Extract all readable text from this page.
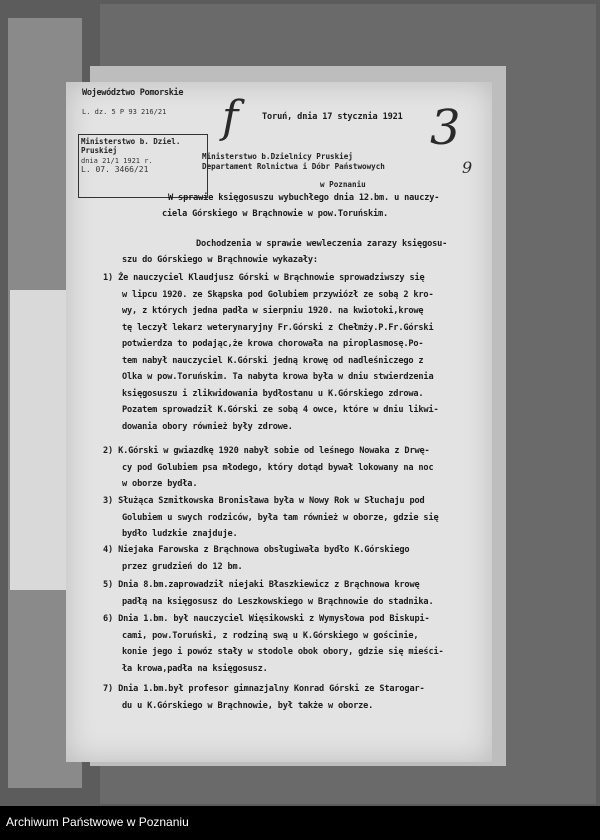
Województwo Pomorskie
L. dz. 5 P 93 216/21
Ministerstwo b. Dziel. Pruskiej
dnia 21/1 1921 r.
L. 07. 3466/21
f	3
9
Toruń, dnia 17 stycznia 1921
Ministerstwo b.Dzielnicy Pruskiej
Departament Rolnictwa i Dóbr Państwowych
w Poznaniu
W sprawie księgosuszu wybuchłego dnia 12.bm. u nauczy-
ciela Górskiego w Brąchnowie w pow.Toruńskim.
Dochodzenia w sprawie wewleczenia zarazy księgosu-
szu do Górskiego w Brąchnowie wykazały:
1) Że nauczyciel Klaudjusz Górski w Brąchnowie sprowadziwszy się
w lipcu 1920. ze Skąpska pod Golubiem przywiózł ze sobą 2 kro-
wy, z których jedna padła w sierpniu 1920. na kwiotoki,krowę
tę leczył lekarz weterynaryjny Fr.Górski z Chełmży.P.Fr.Górski
potwierdza to podając,że krowa chorowała na piroplasmosę.Po-
tem nabył nauczyciel K.Górski jedną krowę od nadleśniczego z
Olka w pow.Toruńskim. Ta nabyta krowa była w dniu stwierdzenia
księgosuszu i zlikwidowania bydłostanu u K.Górskiego zdrowa.
Pozatem sprowadził K.Górski ze sobą 4 owce, które w dniu likwi-
dowania obory również były zdrowe.
2) K.Górski w gwiazdkę 1920 nabył sobie od leśnego Nowaka z Drwę-
cy pod Golubiem psa młodego, który dotąd bywał lokowany na noc
w oborze bydła.
3) Służąca Szmitkowska Bronisława była w Nowy Rok w Słuchaju pod
Golubiem u swych rodziców, była tam również w oborze, gdzie się
bydło ludzkie znajduje.
4) Niejaka Farowska z Brąchnowa obsługiwała bydło K.Górskiego
przez grudzień do 12 bm.
5) Dnia 8.bm.zaprowadził niejaki Błaszkiewicz z Brąchnowa krowę
padłą na księgosusz do Leszkowskiego w Brąchnowie do stadnika.
6) Dnia 1.bm. był nauczyciel Więsikowski z Wymysłowa pod Biskupi-
cami, pow.Toruński, z rodziną swą u K.Górskiego w gościnie,
konie jego i powóz stały w stodole obok obory, gdzie się mieści-
ła krowa,padła na księgosusz.
7) Dnia 1.bm.był profesor gimnazjalny Konrad Górski ze Starogar-
du u K.Górskiego w Brąchnowie, był także w oborze.
Archiwum Państwowe w Poznaniu
